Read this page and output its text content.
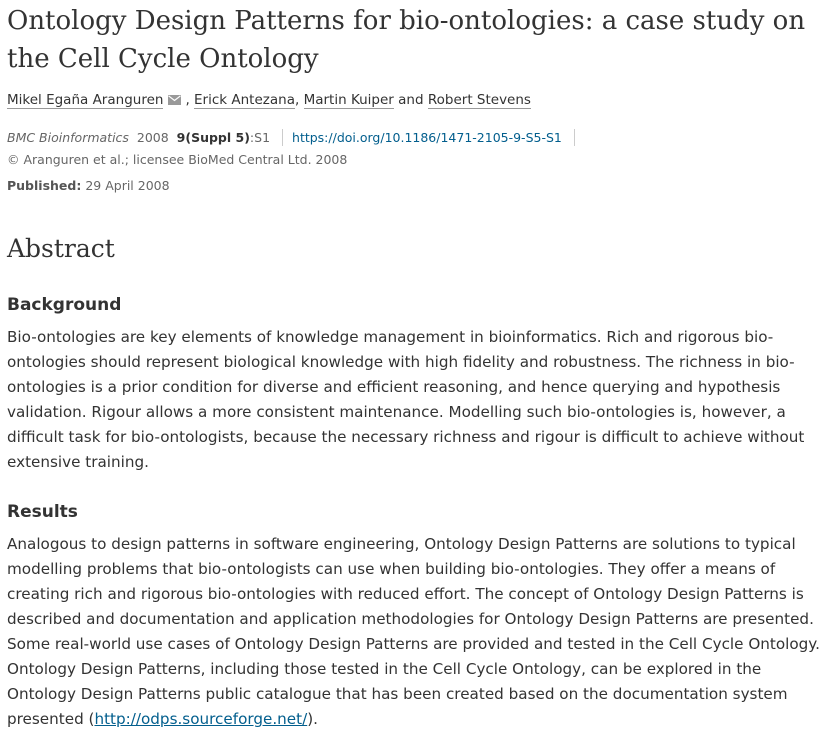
Ontology Design Patterns for bio-ontologies: a case study on the Cell Cycle Ontology
Mikel Egaña Aranguren , Erick Antezana, Martin Kuiper and Robert Stevens
BMC Bioinformatics 2008 9(Suppl 5):S1 https://doi.org/10.1186/1471-2105-9-S5-S1
© Aranguren et al.; licensee BioMed Central Ltd. 2008
Published: 29 April 2008
Abstract
Background

Bio-ontologies are key elements of knowledge management in bioinformatics. Rich and rigorous bio-ontologies should represent biological knowledge with high fidelity and robustness. The richness in bio-ontologies is a prior condition for diverse and efficient reasoning, and hence querying and hypothesis validation. Rigour allows a more consistent maintenance. Modelling such bio-ontologies is, however, a difficult task for bio-ontologists, because the necessary richness and rigour is difficult to achieve without extensive training.

Results

Analogous to design patterns in software engineering, Ontology Design Patterns are solutions to typical modelling problems that bio-ontologists can use when building bio-ontologies. They offer a means of creating rich and rigorous bio-ontologies with reduced effort. The concept of Ontology Design Patterns is described and documentation and application methodologies for Ontology Design Patterns are presented. Some real-world use cases of Ontology Design Patterns are provided and tested in the Cell Cycle Ontology. Ontology Design Patterns, including those tested in the Cell Cycle Ontology, can be explored in the Ontology Design Patterns public catalogue that has been created based on the documentation system presented (http://odps.sourceforge.net/).
